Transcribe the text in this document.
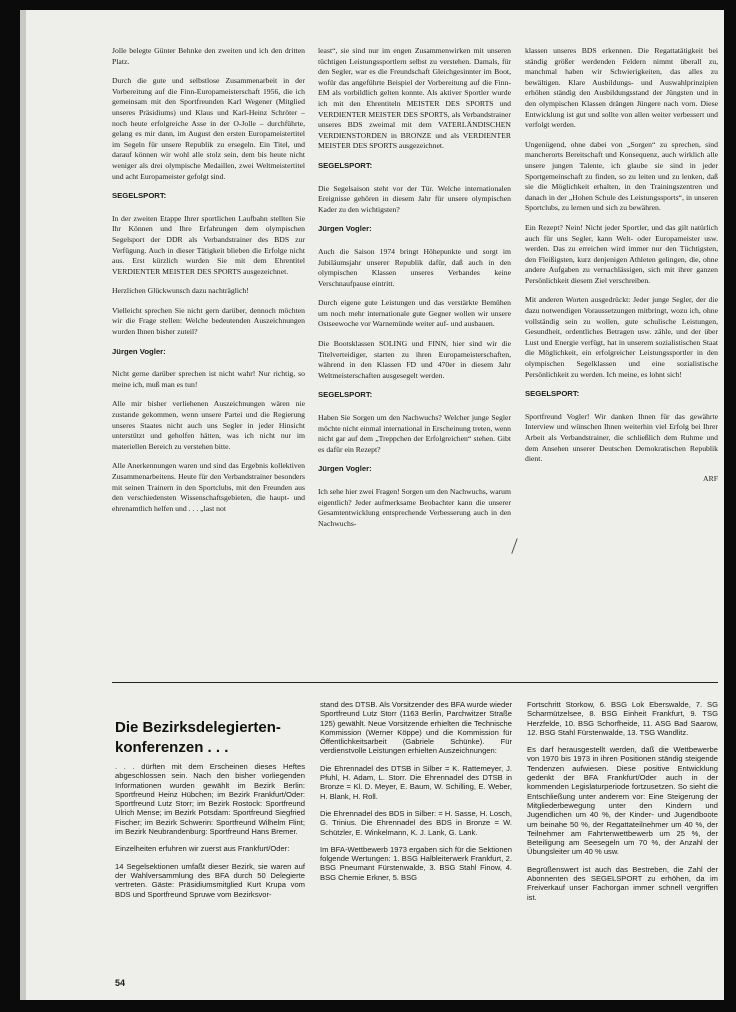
Jolle belegte Günter Behnke den zweiten und ich den dritten Platz.

Durch die gute und selbstlose Zusammenarbeit in der Vorbereitung auf die Finn-Europameisterschaft 1956, die ich gemeinsam mit den Sportfreunden Karl Wegener (Mitglied unseres Präsidiums) und Klaus und Karl-Heinz Schröter – noch heute erfolgreiche Asse in der O-Jolle – durchführte, gelang es mir dann, im August den ersten Europameistertitel im Segeln für unsere Republik zu ersegeln. Ein Titel, und darauf können wir wohl alle stolz sein, dem bis heute nicht weniger als drei olympische Medaillen, zwei Weltmeistertitel und acht Europameister gefolgt sind.

SEGELSPORT:

In der zweiten Etappe Ihrer sportlichen Laufbahn stellten Sie Ihr Können und Ihre Erfahrungen dem olympischen Segelsport der DDR als Verbandstrainer des BDS zur Verfügung. Auch in dieser Tätigkeit blieben die Erfolge nicht aus. Erst kürzlich wurden Sie mit dem Ehrentitel VERDIENTER MEISTER DES SPORTS ausgezeichnet.

Herzlichen Glückwunsch dazu nachträglich!

Vielleicht sprechen Sie nicht gern darüber, dennoch möchten wir die Frage stellen: Welche bedeutenden Auszeichnungen wurden Ihnen bisher zuteil?

Jürgen Vogler:

Nicht gerne darüber sprechen ist nicht wahr! Nur richtig, so meine ich, muß man es tun!

Alle mir bisher verliehenen Auszeichnungen wären nie zustande gekommen, wenn unsere Partei und die Regierung unseres Staates nicht auch uns Segler in jeder Hinsicht unterstützt und geholfen hätten, was ich nicht nur im materiellen Bereich zu verstehen bitte.

Alle Anerkennungen waren und sind das Ergebnis kollektiven Zusammenarbeitens. Heute für den Verbandstrainer besonders mit seinen Trainern in den Sportclubs, mit den Freunden aus den verschiedensten Wissenschaftsgebieten, die haupt- und ehrenamtlich helfen und . . . „last not

least“, sie sind nur im engen Zusammenwirken mit unseren tüchtigen Leistungssportlern selbst zu verstehen. Damals, für den Segler, war es die Freundschaft Gleichgesinnter im Boot, wofür das angeführte Beispiel der Vorbereitung auf die Finn-EM als vorbildlich gelten konnte. Als aktiver Sportler wurde ich mit den Ehrentiteln MEISTER DES SPORTS und VERDIENTER MEISTER DES SPORTS, als Verbandstrainer unseres BDS zweimal mit dem VATERLÄNDISCHEN VERDIENSTORDEN in BRONZE und als VERDIENTER MEISTER DES SPORTS ausgezeichnet.

SEGELSPORT:

Die Segelsaison steht vor der Tür. Welche internationalen Ereignisse gehören in diesem Jahr für unsere olympischen Kader zu den wichtigsten?

Jürgen Vogler:

Auch die Saison 1974 bringt Höhepunkte und sorgt im Jubiläumsjahr unserer Republik dafür, daß auch in den olympischen Klassen unseres Verbandes keine Verschnaufpause eintritt.

Durch eigene gute Leistungen und das verstärkte Bemühen um noch mehr internationale gute Gegner wollen wir unsere Ostseewoche vor Warnemünde weiter auf- und ausbauen.

Die Bootsklassen SOLING und FINN, hier sind wir die Titelverteidiger, starten zu ihren Europameisterschaften, während in den Klassen FD und 470er in diesem Jahr Weltmeisterschaften ausgesegelt werden.

SEGELSPORT:

Haben Sie Sorgen um den Nachwuchs? Welcher junge Segler möchte nicht einmal international in Erscheinung treten, wenn nicht gar auf dem „Treppchen der Erfolgreichen“ stehen. Gibt es dafür ein Rezept?

Jürgen Vogler:

Ich sehe hier zwei Fragen! Sorgen um den Nachwuchs, warum eigentlich? Jeder aufmerksame Beobachter kann die unserer Gesamtentwicklung entsprechende Verbesserung auch in den Nachwuchs-

klassen unseres BDS erkennen. Die Regattatätigkeit bei ständig größer werdenden Feldern nimmt überall zu, manchmal haben wir Schwierigkeiten, das alles zu bewältigen. Klare Ausbildungs- und Auswahlprinzipien erhöhen ständig den Ausbildungsstand der Jüngsten und in den olympischen Klassen drängen Jüngere nach vorn. Diese Entwicklung ist gut und sollte von allen weiter verbessert und verfolgt werden.

Ungenügend, ohne dabei von „Sorgen“ zu sprechen, sind mancherorts Bereitschaft und Konsequenz, auch wirklich alle unsere jungen Talente, ich glaube sie sind in jeder Sportgemeinschaft zu finden, so zu leiten und zu lenken, daß sie die Möglichkeit erhalten, in den Trainingszentren und danach in der „Hohen Schule des Leistungssports“, in unseren Sportclubs, zu lernen und sich zu bewähren.

Ein Rezept? Nein! Nicht jeder Sportler, und das gilt natürlich auch für uns Segler, kann Welt- oder Europameister usw. werden. Das zu erreichen wird immer nur den Tüchtigsten, den Fleißigsten, kurz denjenigen Athleten gelingen, die, ohne andere Aufgaben zu vernachlässigen, sich mit ihrer ganzen Persönlichkeit diesem Ziel verschreiben.

Mit anderen Worten ausgedrückt: Jeder junge Segler, der die dazu notwendigen Voraussetzungen mitbringt, wozu ich, ohne vollständig sein zu wollen, gute schulische Leistungen, Gesundheit, ordentliches Betragen usw. zähle, und der über Lust und Energie verfügt, hat in unserem sozialistischen Staat die Möglichkeit, ein erfolgreicher Leistungssportler in den olympischen Segelklassen und eine sozialistische Persönlichkeit zu werden. Ich meine, es lohnt sich!

SEGELSPORT:

Sportfreund Vogler! Wir danken Ihnen für das gewährte Interview und wünschen Ihnen weiterhin viel Erfolg bei Ihrer Arbeit als Verbandstrainer, die schließlich dem Ruhme und dem Ansehen unserer Deutschen Demokratischen Republik dient.

ARF

Die Bezirksdelegierten-konferenzen . . .

. . . dürften mit dem Erscheinen dieses Heftes abgeschlossen sein. Nach den bisher vorliegenden Informationen wurden gewählt im Bezirk Berlin: Sportfreund Heinz Hübchen; im Bezirk Frankfurt/Oder: Sportfreund Lutz Storr; im Bezirk Rostock: Sportfreund Ulrich Mense; im Bezirk Potsdam: Sportfreund Siegfried Fischer; im Bezirk Schwerin: Sportfreund Wilhelm Flint; im Bezirk Neubrandenburg: Sportfreund Hans Bremer.

Einzelheiten erfuhren wir zuerst aus Frankfurt/Oder:

14 Segelsektionen umfaßt dieser Bezirk, sie waren auf der Wahlversammlung des BFA durch 50 Delegierte vertreten. Gäste: Präsidiumsmitglied Kurt Krupa vom BDS und Sportfreund Spruwe vom Bezirksvor-

stand des DTSB. Als Vorsitzender des BFA wurde wieder Sportfreund Lutz Storr (1163 Berlin, Parchwitzer Straße 125) gewählt. Neue Vorsitzende erhielten die Technische Kommission (Werner Köppe) und die Kommission für Öffentlichkeitsarbeit (Gabriele Schünke). Für verdienstvolle Leistungen erhielten Auszeichnungen:

Die Ehrennadel des DTSB in Silber = K. Rattemeyer, J. Pfuhl, H. Adam, L. Storr. Die Ehrennadel des DTSB in Bronze = Kl. D. Meyer, E. Baum, W. Schilling, E. Weber, H. Blank, H. Roll.

Die Ehrennadel des BDS in Silber: = H. Sasse, H. Losch, G. Trinius. Die Ehrennadel des BDS in Bronze = W. Schützler, E. Winkelmann, K. J. Lank, G. Lank.

Im BFA-Wettbewerb 1973 ergaben sich für die Sektionen folgende Wertungen: 1. BSG Halbleiterwerk Frankfurt, 2. BSG Pneumant Fürstenwalde, 3. BSG Stahl Finow, 4. BSG Chemie Erkner, 5. BSG

Fortschritt Storkow, 6. BSG Lok Eberswalde, 7. SG Scharmützelsee, 8. BSG Einheit Frankfurt, 9. TSG Herzfelde, 10. BSG Schorfheide, 11. ASG Bad Saarow, 12. BSG Stahl Fürstenwalde, 13. TSG Wandlitz.

Es darf herausgestellt werden, daß die Wettbewerbe von 1970 bis 1973 in ihren Positionen ständig steigende Tendenzen aufwiesen. Diese positive Entwicklung gedenkt der BFA Frankfurt/Oder auch in der kommenden Legislaturperiode fortzusetzen. So sieht die Entschließung unter anderem vor: Eine Steigerung der Mitgliederbewegung unter den Kindern und Jugendlichen um 40 %, der Kinder- und Jugendboote um beinahe 50 %, der Regattateilnehmer um 40 %, der Teilnehmer am Fahrtenwettbewerb um 25 %, der Beteiligung am Seesegeln um 70 %, der Anzahl der Übungsleiter um 40 % usw.

Begrüßenswert ist auch das Bestreben, die Zahl der Abonnenten des SEGELSPORT zu erhöhen, da im Freiverkauf unser Fachorgan immer schnell vergriffen ist.

54
